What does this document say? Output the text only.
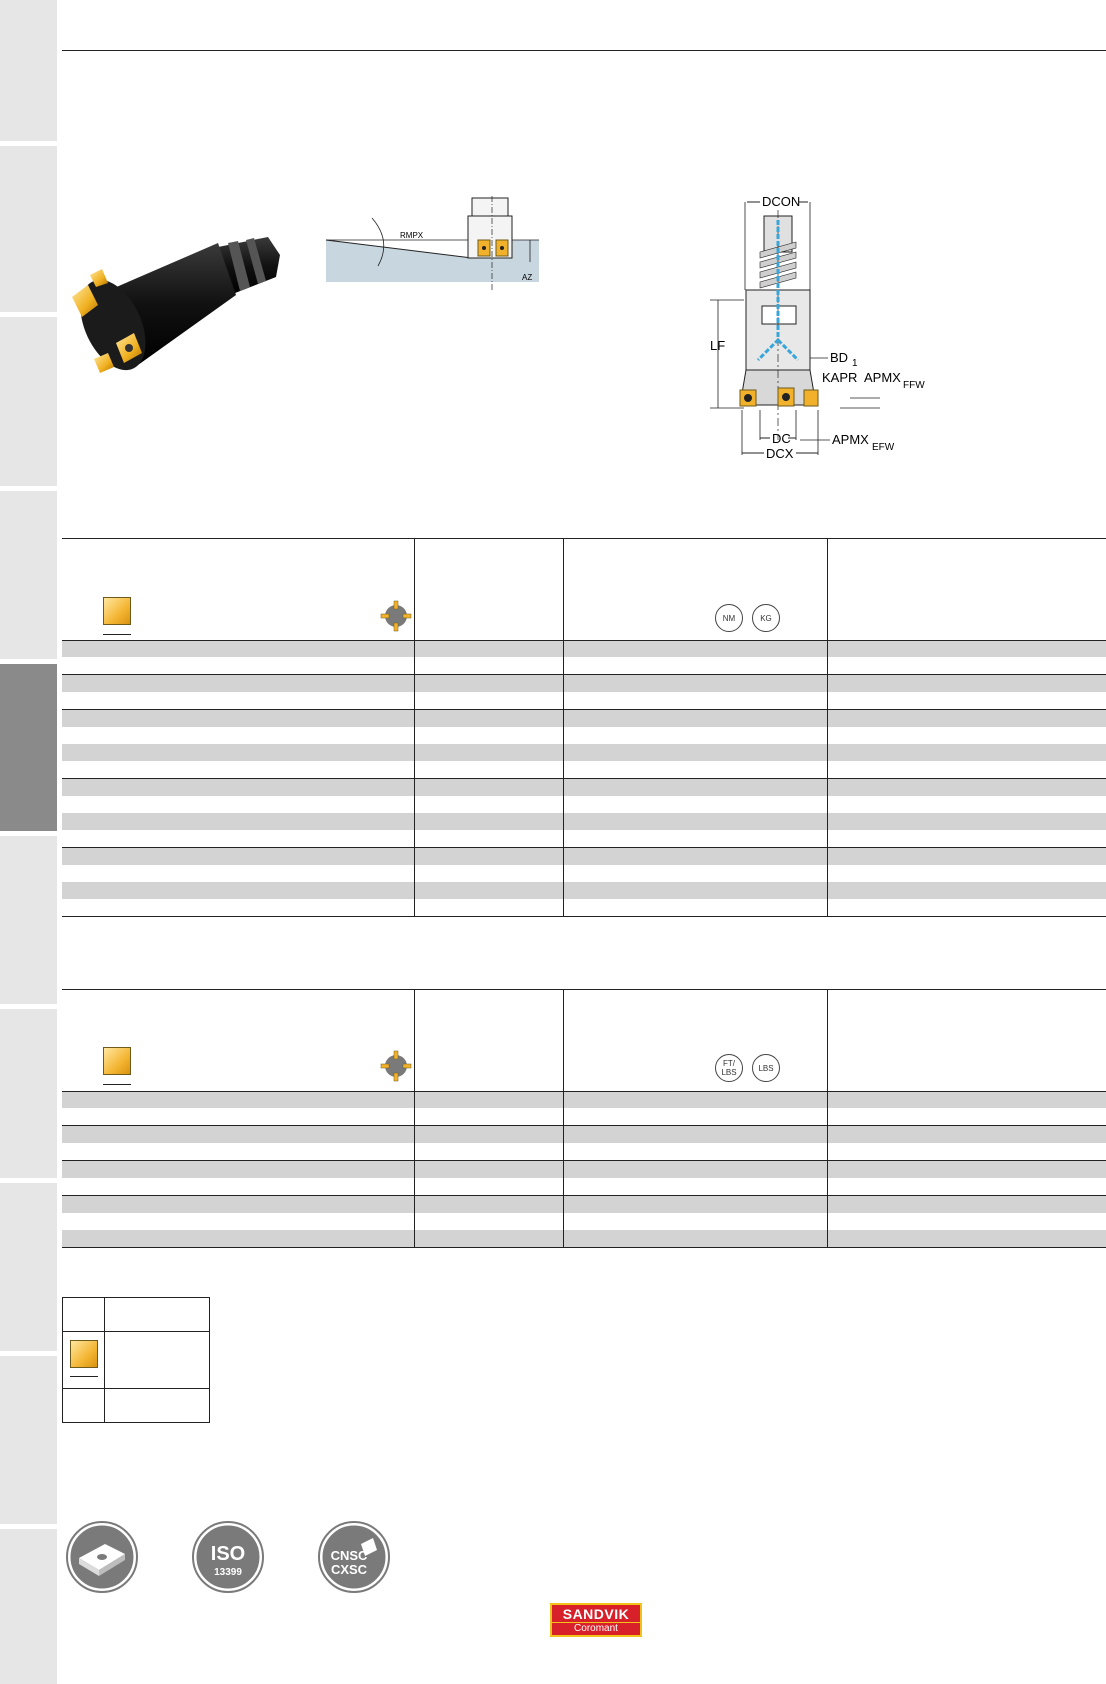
RMPX
AZ
DCON
LF
BD 1
KAPR APMX
FFW
DC
DCX
APMX
EFW
NM	KG
FT/
LBS	LBS
ISO
13399
CNSC
CXSC
SANDVIK
Coromant
